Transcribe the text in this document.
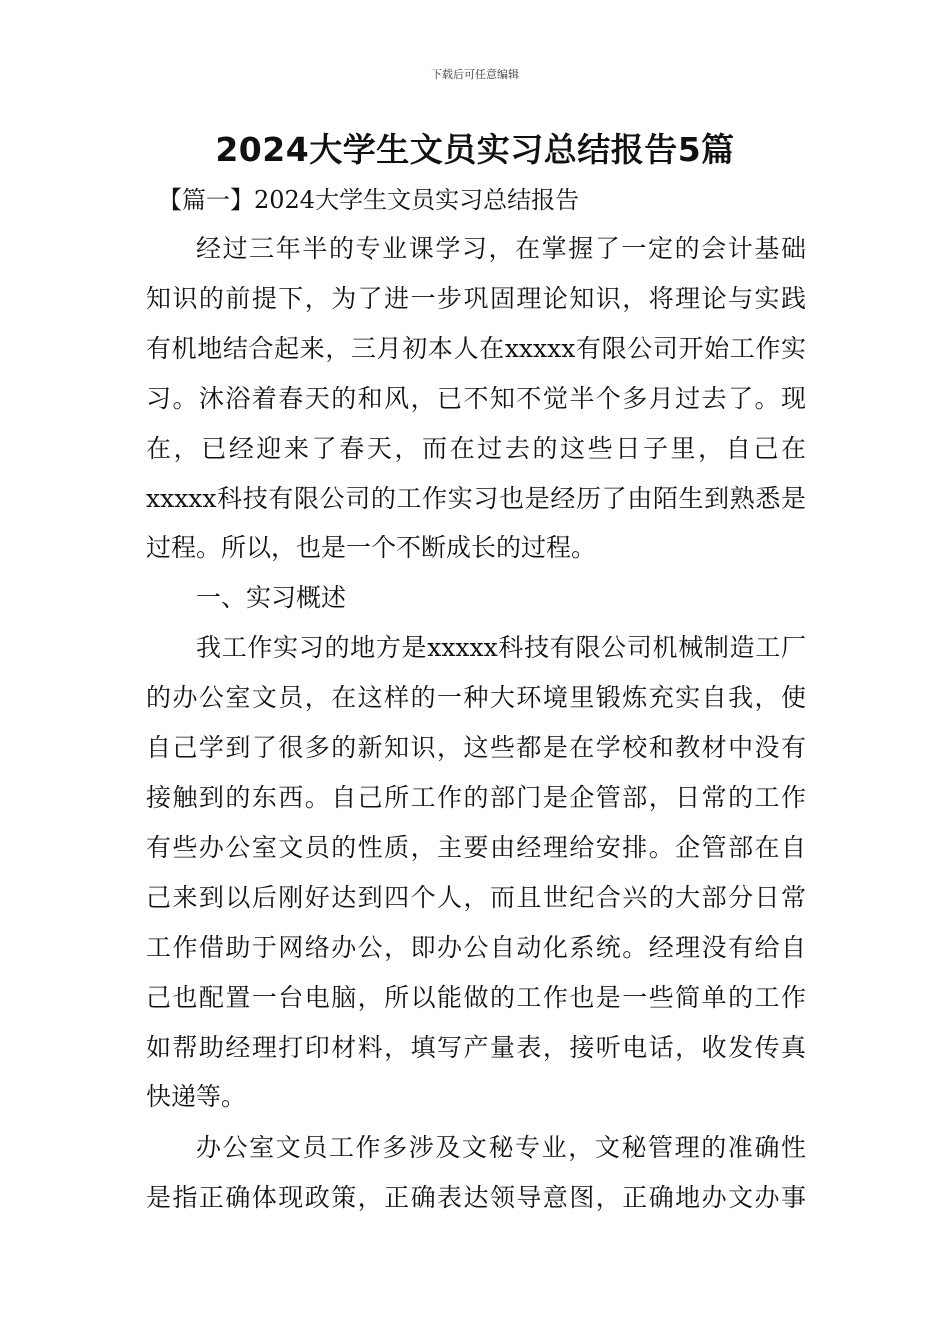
下载后可任意编辑
2024大学生文员实习总结报告5篇
【篇一】2024大学生文员实习总结报告
经过三年半的专业课学习，在掌握了一定的会计基础
知识的前提下，为了进一步巩固理论知识，将理论与实践
有机地结合起来，三月初本人在xxxxx有限公司开始工作实
习。沐浴着春天的和风，已不知不觉半个多月过去了。现
在，已经迎来了春天，而在过去的这些日子里，自己在
xxxxx科技有限公司的工作实习也是经历了由陌生到熟悉是
过程。所以，也是一个不断成长的过程。
一、实习概述
我工作实习的地方是xxxxx科技有限公司机械制造工厂
的办公室文员，在这样的一种大环境里锻炼充实自我，使
自己学到了很多的新知识，这些都是在学校和教材中没有
接触到的东西。自己所工作的部门是企管部，日常的工作
有些办公室文员的性质，主要由经理给安排。企管部在自
己来到以后刚好达到四个人，而且世纪合兴的大部分日常
工作借助于网络办公，即办公自动化系统。经理没有给自
己也配置一台电脑，所以能做的工作也是一些简单的工作
如帮助经理打印材料，填写产量表，接听电话，收发传真
快递等。
办公室文员工作多涉及文秘专业，文秘管理的准确性
是指正确体现政策，正确表达领导意图，正确地办文办事
